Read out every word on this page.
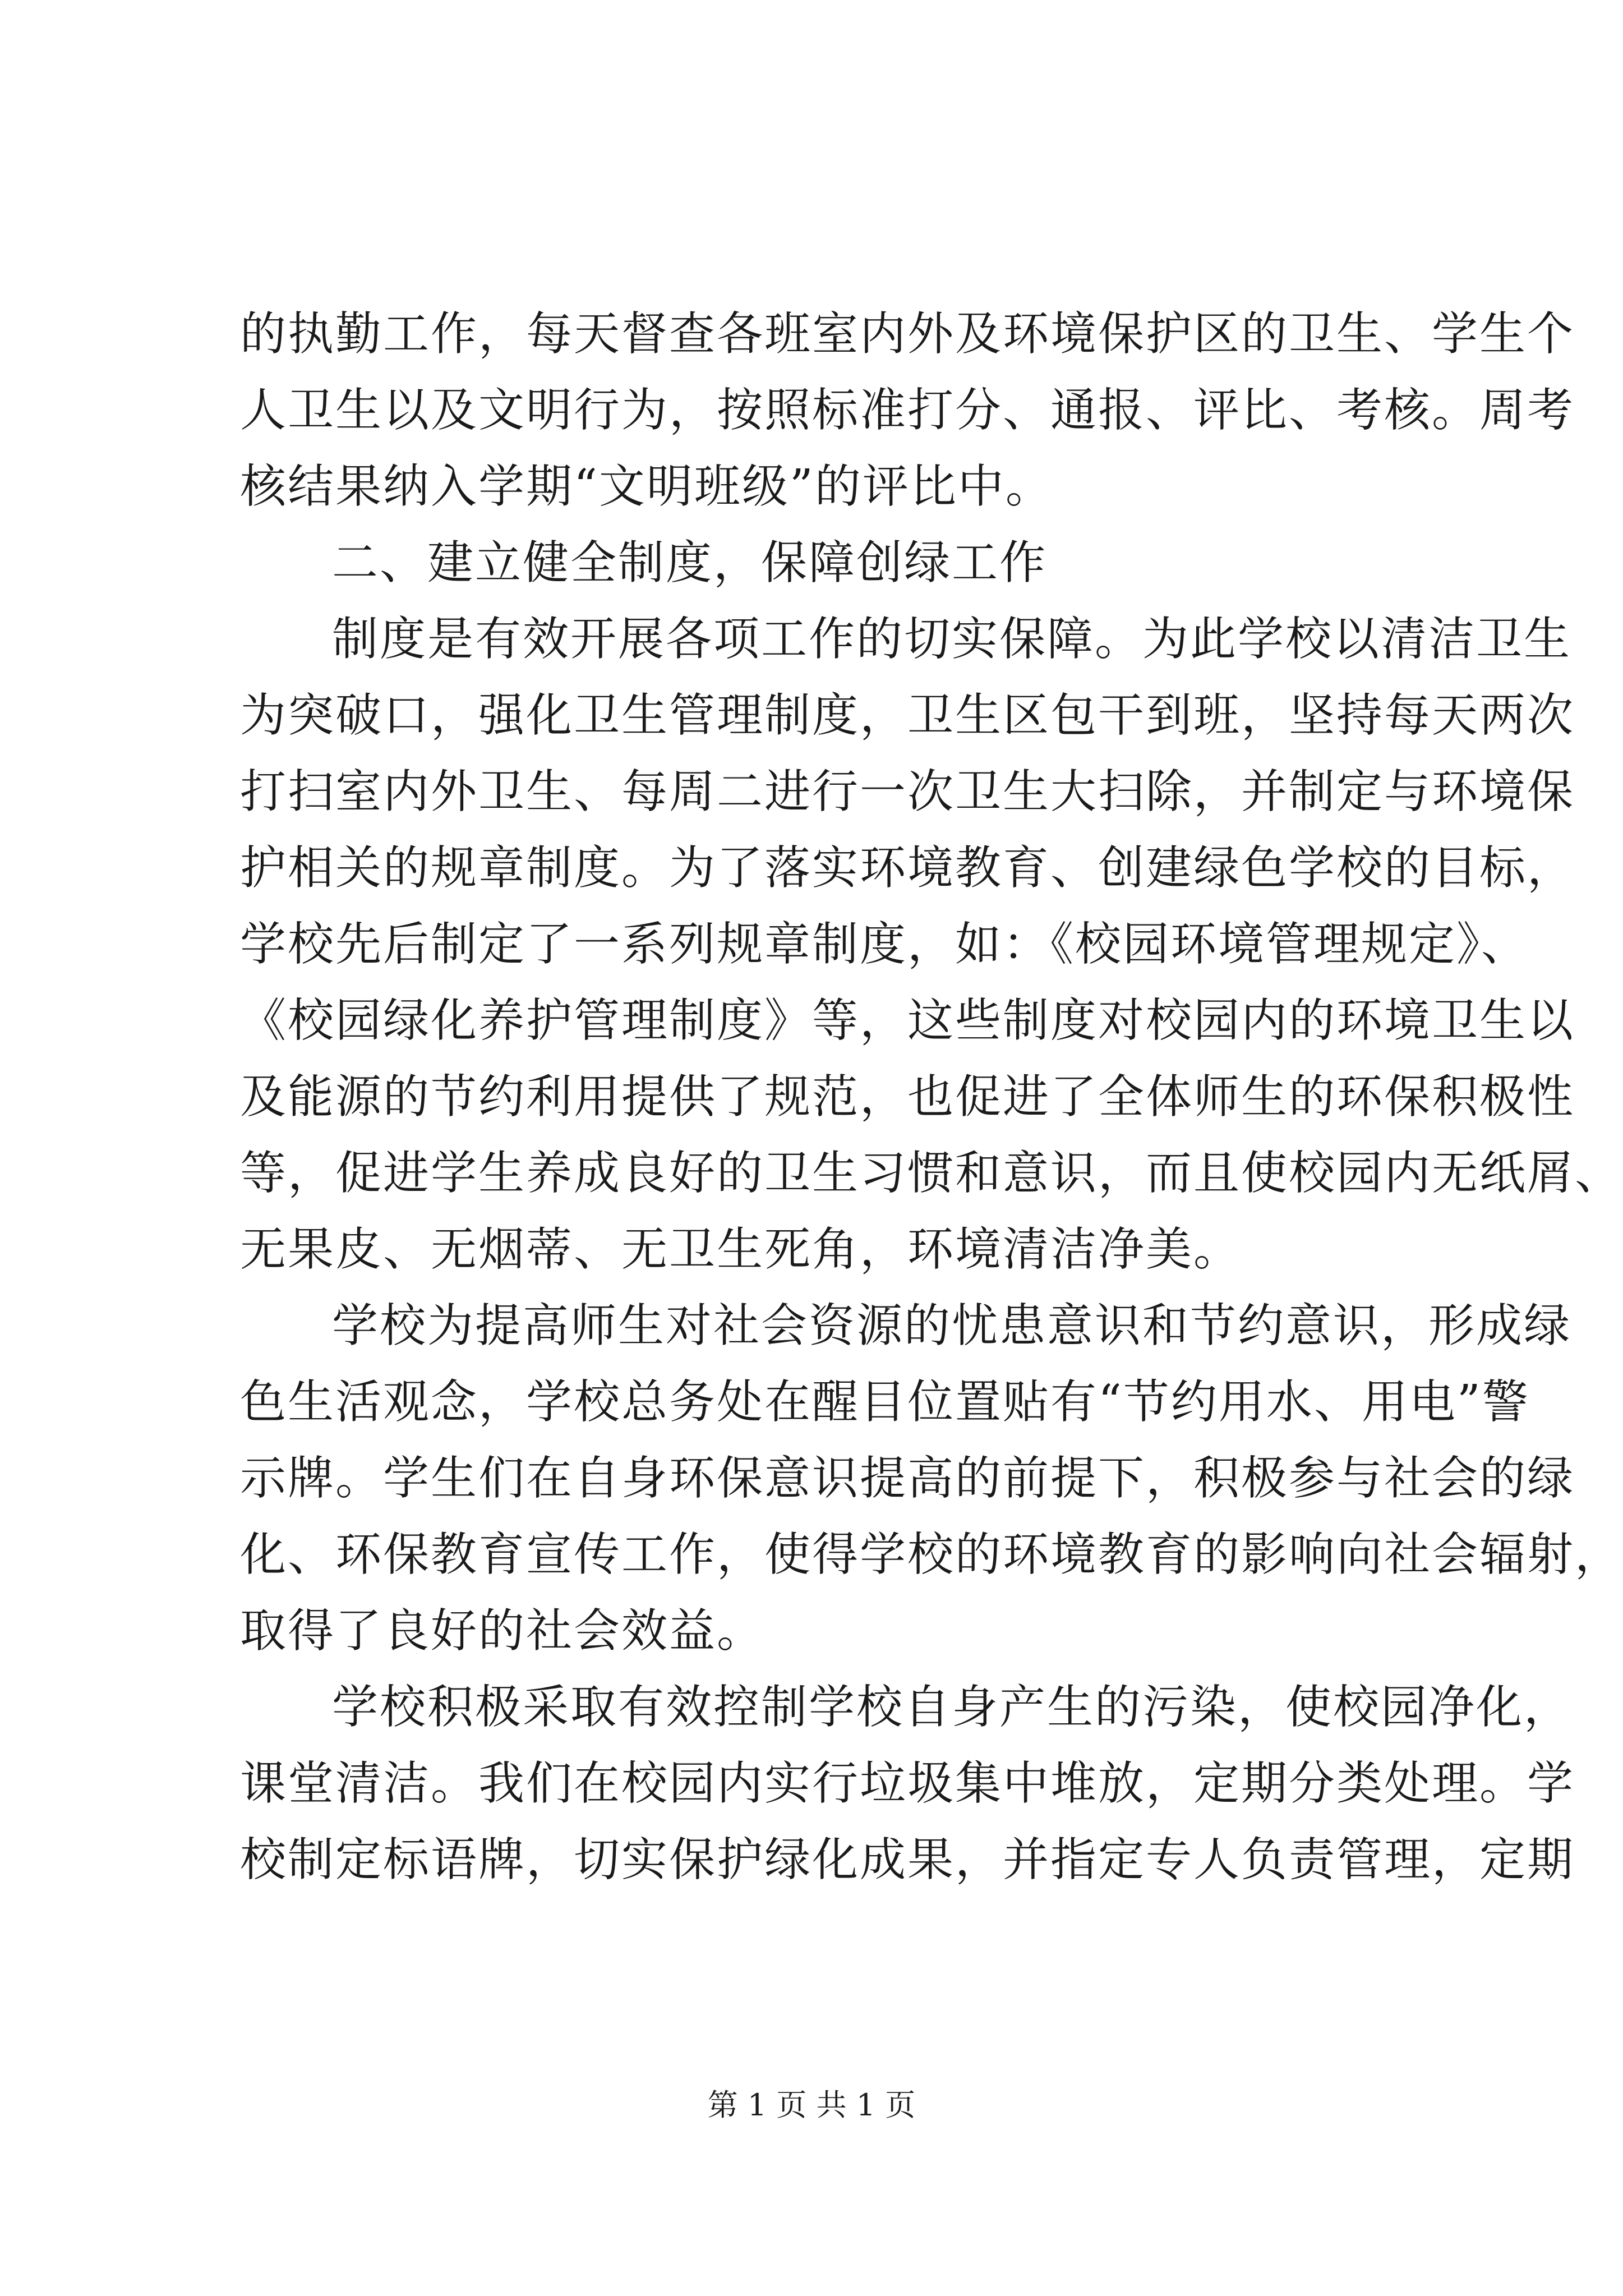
的执勤工作，每天督查各班室内外及环境保护区的卫生、学生个
人卫生以及文明行为，按照标准打分、通报、评比、考核。周考
核结果纳入学期“文明班级”的评比中。
二、建立健全制度，保障创绿工作
制度是有效开展各项工作的切实保障。为此学校以清洁卫生
为突破口，强化卫生管理制度，卫生区包干到班，坚持每天两次
打扫室内外卫生、每周二进行一次卫生大扫除，并制定与环境保
护相关的规章制度。为了落实环境教育、创建绿色学校的目标，
学校先后制定了一系列规章制度，如：《校园环境管理规定》、
《校园绿化养护管理制度》等，这些制度对校园内的环境卫生以
及能源的节约利用提供了规范，也促进了全体师生的环保积极性
等，促进学生养成良好的卫生习惯和意识，而且使校园内无纸屑、
无果皮、无烟蒂、无卫生死角，环境清洁净美。
学校为提高师生对社会资源的忧患意识和节约意识，形成绿
色生活观念，学校总务处在醒目位置贴有“节约用水、用电”警
示牌。学生们在自身环保意识提高的前提下，积极参与社会的绿
化、环保教育宣传工作，使得学校的环境教育的影响向社会辐射，
取得了良好的社会效益。
学校积极采取有效控制学校自身产生的污染，使校园净化，
课堂清洁。我们在校园内实行垃圾集中堆放，定期分类处理。学
校制定标语牌，切实保护绿化成果，并指定专人负责管理，定期
第 1 页 共 1 页
